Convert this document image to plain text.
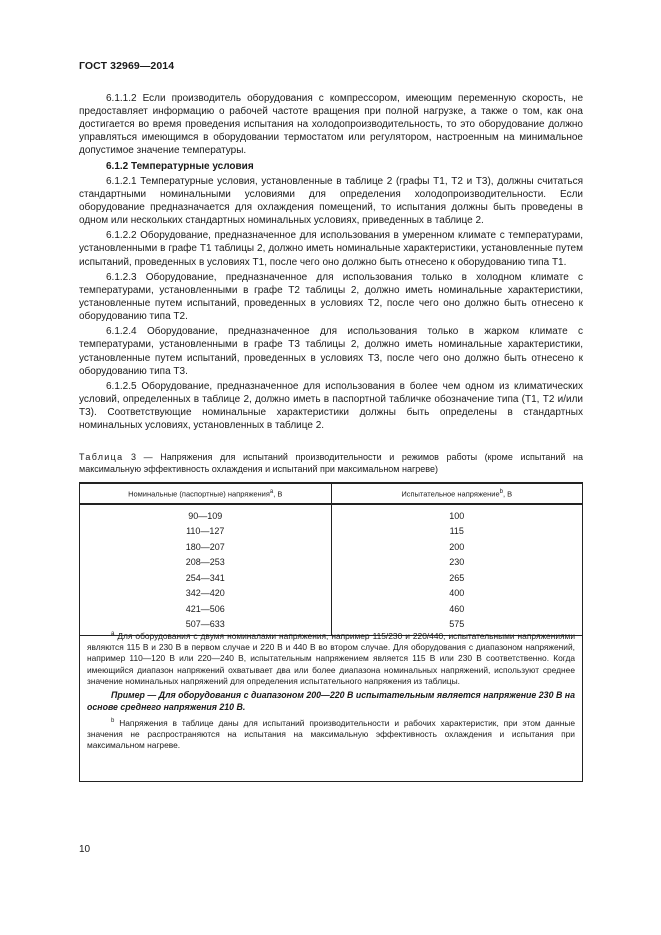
ГОСТ 32969—2014

6.1.1.2 Если производитель оборудования с компрессором, имеющим переменную скорость, не предоставляет информацию о рабочей частоте вращения при полной нагрузке, а также о том, как она достигается во время проведения испытания на холодопроизводительность, то это оборудование должно управляться имеющимся в оборудовании термостатом или регулятором, настроенным на минимальное допустимое значение температуры.

6.1.2 Температурные условия

6.1.2.1 Температурные условия, установленные в таблице 2 (графы Т1, Т2 и Т3), должны считаться стандартными номинальными условиями для определения холодопроизводительности. Если оборудование предназначается для охлаждения помещений, то испытания должны быть проведены в одном или нескольких стандартных номинальных условиях, приведенных в таблице 2.

6.1.2.2 Оборудование, предназначенное для использования в умеренном климате с температурами, установленными в графе Т1 таблицы 2, должно иметь номинальные характеристики, установленные путем испытаний, проведенных в условиях Т1, после чего оно должно быть отнесено к оборудованию типа Т1.

6.1.2.3 Оборудование, предназначенное для использования только в холодном климате с температурами, установленными в графе Т2 таблицы 2, должно иметь номинальные характеристики, установленные путем испытаний, проведенных в условиях Т2, после чего оно должно быть отнесено к оборудованию типа Т2.

6.1.2.4 Оборудование, предназначенное для использования только в жарком климате с температурами, установленными в графе Т3 таблицы 2, должно иметь номинальные характеристики, установленные путем испытаний, проведенных в условиях Т3, после чего оно должно быть отнесено к оборудованию типа Т3.

6.1.2.5 Оборудование, предназначенное для использования в более чем одном из климатических условий, определенных в таблице 2, должно иметь в паспортной табличке обозначение типа (Т1, Т2 и/или Т3). Соответствующие номинальные характеристики должны быть определены в стандартных номинальных условиях, установленных в таблице 2.

Таблица 3 — Напряжения для испытаний производительности и режимов работы (кроме испытаний на максимальную эффективность охлаждения и испытаний при максимальном нагреве)
Номинальные (паспортные) напряжения$^a$, В	Испытательное напряжение$^b$, В
90—109	100
110—127	115
180—207	200
208—253	230
254—341	265
342—420	400
421—506	460
507—633	575

$^a$ Для оборудования с двумя номиналами напряжения, например 115/230 и 220/440, испытательными напряжениями являются 115 В и 230 В в первом случае и 220 В и 440 В во втором случае. Для оборудования с диапазоном напряжений, например 110—120 В или 220—240 В, испытательным напряжением является 115 В или 230 В соответственно. Когда имеющийся диапазон напряжений охватывает два или более диапазона номинальных напряжений, используют среднее значение номинальных напряжений для определения испытательного напряжения из таблицы.

Пример — Для оборудования с диапазоном 200—220 В испытательным является напряжение 230 В на основе среднего напряжения 210 В.

$^b$ Напряжения в таблице даны для испытаний производительности и рабочих характеристик, при этом данные значения не распространяются на испытания на максимальную эффективность охлаждения и испытания при максимальном нагреве.

10
